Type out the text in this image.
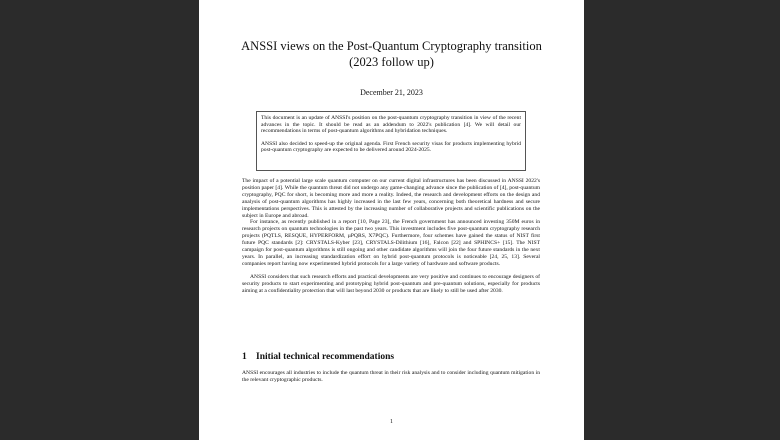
ANSSI views on the Post-Quantum Cryptography transition
(2023 follow up)
December 21, 2023

This document is an update of ANSSI's position on the post-quantum cryptography transition in view of the recent advances in the topic. It should be read as an addendum to 2022's publication [4]. We will detail our recommendations in terms of post-quantum algorithms and hybridation techniques.

ANSSI also decided to speed-up the original agenda. First French security visas for products implementing hybrid post-quantum cryptography are expected to be delivered around 2024-2025.

The impact of a potential large scale quantum computer on our current digital infrastructures has been discussed in ANSSI 2022's position paper [4]. While the quantum threat did not undergo any game-changing advance since the publication of [4], post-quantum cryptography, PQC for short, is becoming more and more a reality. Indeed, the research and development efforts on the design and analysis of post-quantum algorithms has highly increased in the last few years, concerning both theoretical hardness and secure implementations perspectives. This is attested by the increasing number of collaborative projects and scientific publications on the subject in Europe and abroad.

For instance, as recently published in a report [10, Page 23], the French government has announced investing 350M euros in research projects on quantum technologies in the past two years. This investment includes five post-quantum cryptography research projects (PQTLS, RESQUE, HYPERFORM, µPQRS, X7PQC). Furthermore, four schemes have gained the status of NIST first future PQC standards [2]: CRYSTALS-Kyber [23], CRYSTALS-Dilithium [16], Falcon [22] and SPHINCS+ [15]. The NIST campaign for post-quantum algorithms is still ongoing and other candidate algorithms will join the four future standards in the next years. In parallel, an increasing standardization effort on hybrid post-quantum protocols is noticeable [24, 25, 13]. Several companies report having now experimented hybrid protocols for a large variety of hardware and software products.

ANSSI considers that such research efforts and practical developments are very positive and continues to encourage designers of security products to start experimenting and prototyping hybrid post-quantum and pre-quantum solutions, especially for products aiming at a confidentiality protection that will last beyond 2030 or products that are likely to still be used after 2030.

1 Initial technical recommendations
ANSSI encourages all industries to include the quantum threat in their risk analysis and to consider including quantum mitigation in the relevant cryptographic products.
1
